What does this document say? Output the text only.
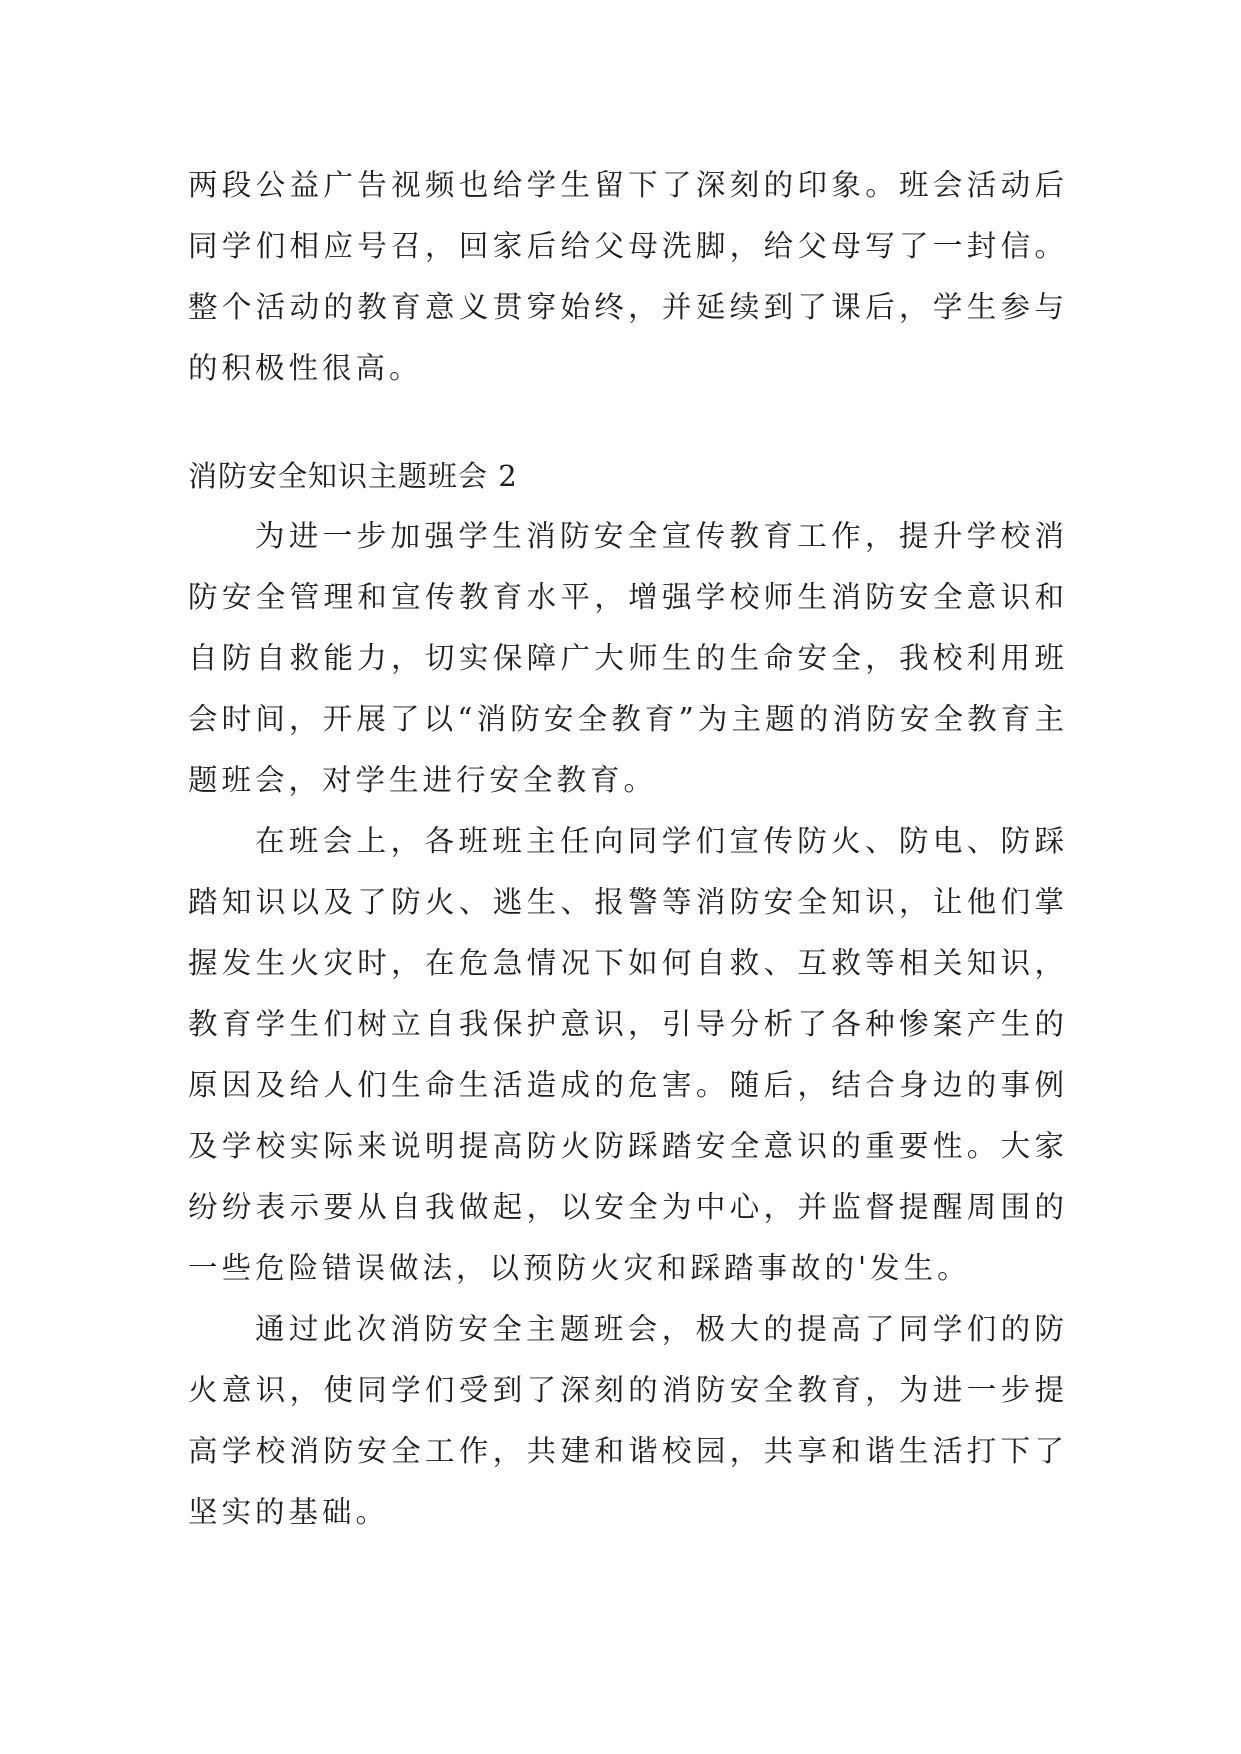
两段公益广告视频也给学生留下了深刻的印象。班会活动后同学们相应号召，回家后给父母洗脚，给父母写了一封信。整个活动的教育意义贯穿始终，并延续到了课后，学生参与的积极性很高。

消防安全知识主题班会 2

为进一步加强学生消防安全宣传教育工作，提升学校消防安全管理和宣传教育水平，增强学校师生消防安全意识和自防自救能力，切实保障广大师生的生命安全，我校利用班会时间，开展了以“消防安全教育”为主题的消防安全教育主题班会，对学生进行安全教育。

在班会上，各班班主任向同学们宣传防火、防电、防踩踏知识以及了防火、逃生、报警等消防安全知识，让他们掌握发生火灾时，在危急情况下如何自救、互救等相关知识，教育学生们树立自我保护意识，引导分析了各种惨案产生的原因及给人们生命生活造成的危害。随后，结合身边的事例及学校实际来说明提高防火防踩踏安全意识的重要性。大家纷纷表示要从自我做起，以安全为中心，并监督提醒周围的一些危险错误做法，以预防火灾和踩踏事故的'发生。

通过此次消防安全主题班会，极大的提高了同学们的防火意识，使同学们受到了深刻的消防安全教育，为进一步提高学校消防安全工作，共建和谐校园，共享和谐生活打下了坚实的基础。
